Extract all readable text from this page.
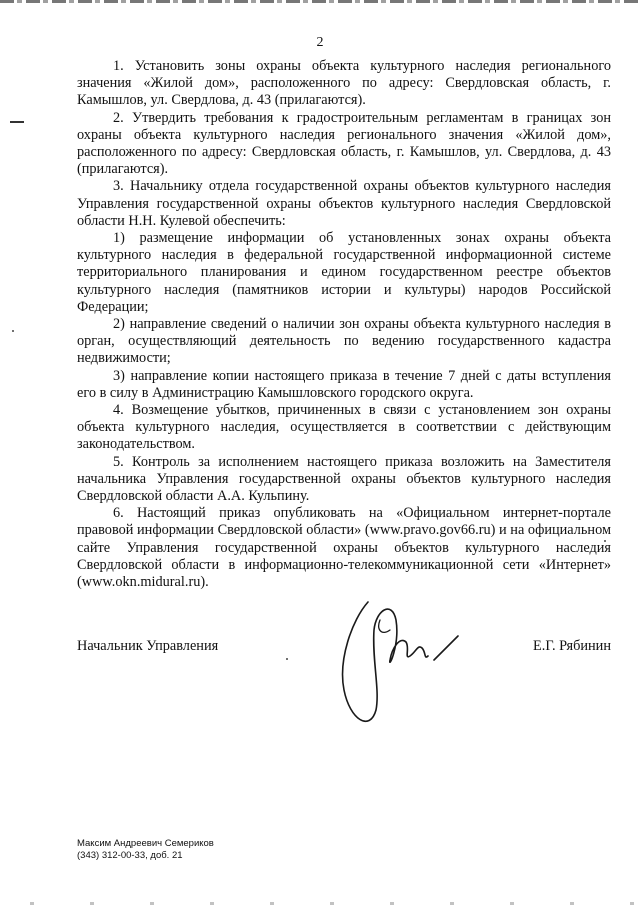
2

1. Установить зоны охраны объекта культурного наследия регионального значения «Жилой дом», расположенного по адресу: Свердловская область, г. Камышлов, ул. Свердлова, д. 43 (прилагаются).

2. Утвердить требования к градостроительным регламентам в границах зон охраны объекта культурного наследия регионального значения «Жилой дом», расположенного по адресу: Свердловская область, г. Камышлов, ул. Свердлова, д. 43 (прилагаются).

3. Начальнику отдела государственной охраны объектов культурного наследия Управления государственной охраны объектов культурного наследия Свердловской области Н.Н. Кулевой обеспечить:

1) размещение информации об установленных зонах охраны объекта культурного наследия в федеральной государственной информационной системе территориального планирования и едином государственном реестре объектов культурного наследия (памятников истории и культуры) народов Российской Федерации;

2) направление сведений о наличии зон охраны объекта культурного наследия в орган, осуществляющий деятельность по ведению государственного кадастра недвижимости;

3) направление копии настоящего приказа в течение 7 дней с даты вступления его в силу в Администрацию Камышловского городского округа.

4. Возмещение убытков, причиненных в связи с установлением зон охраны объекта культурного наследия, осуществляется в соответствии с действующим законодательством.

5. Контроль за исполнением настоящего приказа возложить на Заместителя начальника Управления государственной охраны объектов культурного наследия Свердловской области А.А. Кульпину.

6. Настоящий приказ опубликовать на «Официальном интернет-портале правовой информации Свердловской области» (www.pravo.gov66.ru) и на официальном сайте Управления государственной охраны объектов культурного наследия Свердловской области в информационно-телекоммуникационной сети «Интернет» (www.okn.midural.ru).

Начальник Управления	Е.Г. Рябинин
Максим Андреевич Семериков
(343) 312-00-33, доб. 21
